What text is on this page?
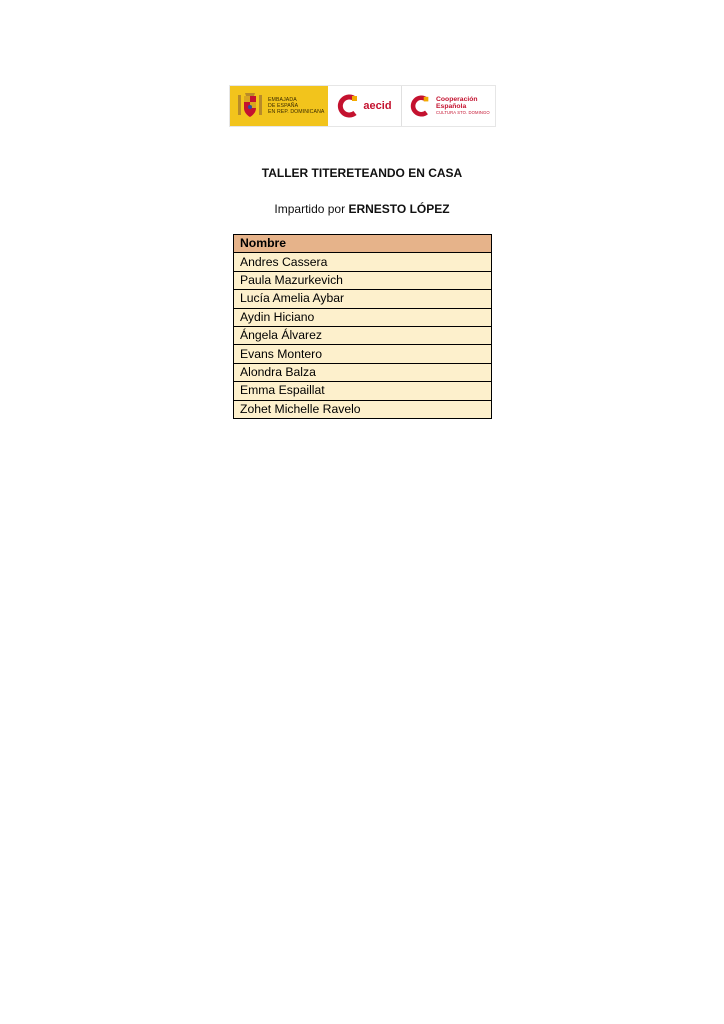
EMBAJADA
DE ESPAÑA
EN REP. DOMINICANA	aecid
Cooperación
Española
CULTURA STO. DOMINGO
TALLER TITERETEANDO EN CASA
Impartido por ERNESTO LÓPEZ
Nombre
Andres Cassera
Paula Mazurkevich
Lucía Amelia Aybar
Aydin Hiciano
Ángela Álvarez
Evans Montero
Alondra Balza
Emma Espaillat
Zohet Michelle Ravelo
